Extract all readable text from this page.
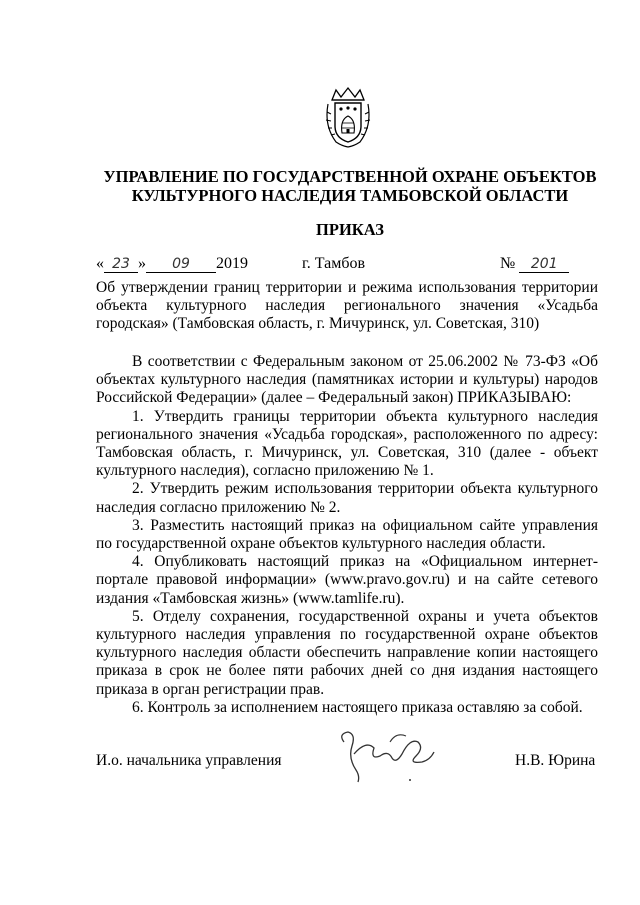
УПРАВЛЕНИЕ ПО ГОСУДАРСТВЕННОЙ ОХРАНЕ ОБЪЕКТОВ КУЛЬТУРНОГО НАСЛЕДИЯ ТАМБОВСКОЙ ОБЛАСТИ
ПРИКАЗ
« 23 » 09 2019	г. Тамбов	№ 201
Об утверждении границ территории и режима использования территории объекта культурного наследия регионального значения «Усадьба городская» (Тамбовская область, г. Мичуринск, ул. Советская, 310)

В соответствии с Федеральным законом от 25.06.2002 № 73-ФЗ «Об объектах культурного наследия (памятниках истории и культуры) народов Российской Федерации» (далее – Федеральный закон) ПРИКАЗЫВАЮ:

1. Утвердить границы территории объекта культурного наследия регионального значения «Усадьба городская», расположенного по адресу: Тамбовская область, г. Мичуринск, ул. Советская, 310 (далее - объект культурного наследия), согласно приложению № 1.

2. Утвердить режим использования территории объекта культурного наследия согласно приложению № 2.

3. Разместить настоящий приказ на официальном сайте управления по государственной охране объектов культурного наследия области.

4. Опубликовать настоящий приказ на «Официальном интернет-портале правовой информации» (www.pravo.gov.ru) и на сайте сетевого издания «Тамбовская жизнь» (www.tamlife.ru).

5. Отделу сохранения, государственной охраны и учета объектов культурного наследия управления по государственной охране объектов культурного наследия области обеспечить направление копии настоящего приказа в срок не более пяти рабочих дней со дня издания настоящего приказа в орган регистрации прав.

6. Контроль за исполнением настоящего приказа оставляю за собой.

И.о. начальника управления	Н.В. Юрина
